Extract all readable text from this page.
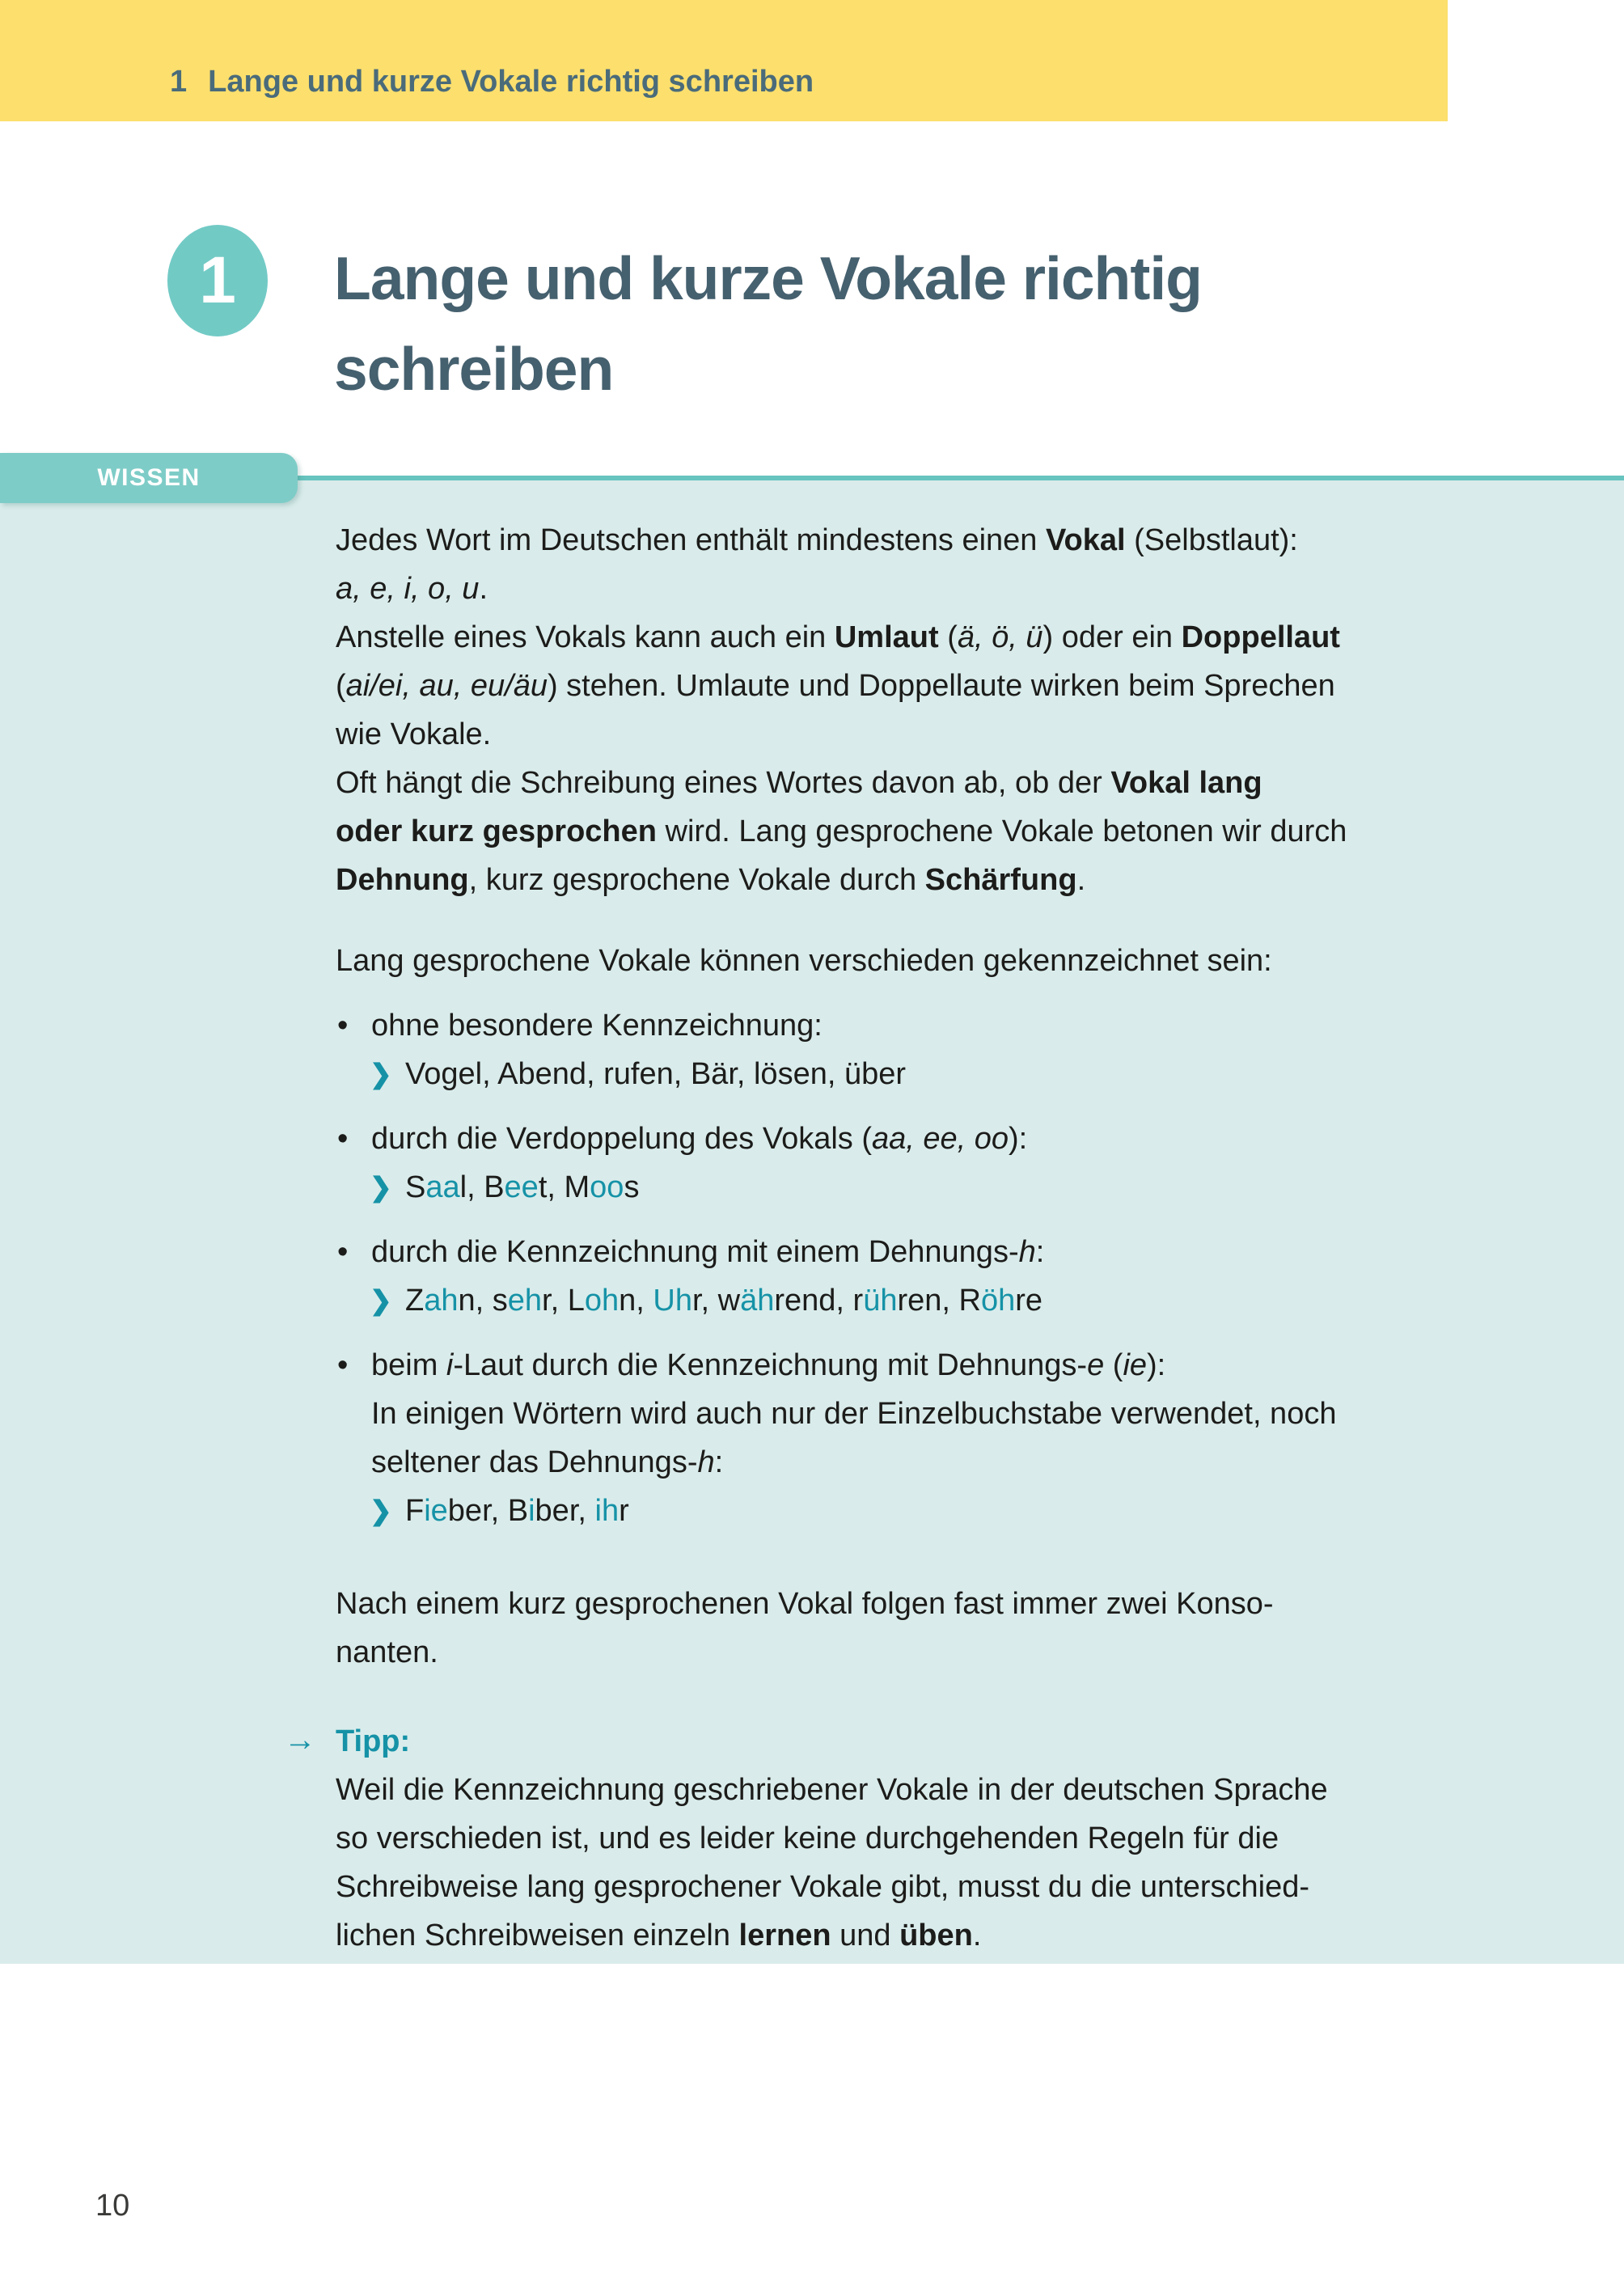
1 Lange und kurze Vokale richtig schreiben
1	Lange und kurze Vokale richtig
schreiben
WISSEN
Jedes Wort im Deutschen enthält mindestens einen Vokal (Selbstlaut):
a, e, i, o, u.
Anstelle eines Vokals kann auch ein Umlaut (ä, ö, ü) oder ein Doppellaut
(ai/ei, au, eu/äu) stehen. Umlaute und Doppellaute wirken beim Sprechen
wie Vokale.
Oft hängt die Schreibung eines Wortes davon ab, ob der Vokal lang
oder kurz gesprochen wird. Lang gesprochene Vokale betonen wir durch
Dehnung, kurz gesprochene Vokale durch Schärfung.
Lang gesprochene Vokale können verschieden gekennzeichnet sein:
• ohne besondere Kennzeichnung:
❯ Vogel, Abend, rufen, Bär, lösen, über
• durch die Verdoppelung des Vokals (aa, ee, oo):
❯ Saal, Beet, Moos
• durch die Kennzeichnung mit einem Dehnungs-h:
❯ Zahn, sehr, Lohn, Uhr, während, rühren, Röhre
• beim i-Laut durch die Kennzeichnung mit Dehnungs-e (ie):
In einigen Wörtern wird auch nur der Einzelbuchstabe verwendet, noch
seltener das Dehnungs-h:
❯ Fieber, Biber, ihr
Nach einem kurz gesprochenen Vokal folgen fast immer zwei Konso-
nanten.
→ Tipp:
Weil die Kennzeichnung geschriebener Vokale in der deutschen Sprache
so verschieden ist, und es leider keine durchgehenden Regeln für die
Schreibweise lang gesprochener Vokale gibt, musst du die unterschied-
lichen Schreibweisen einzeln lernen und üben.
10
